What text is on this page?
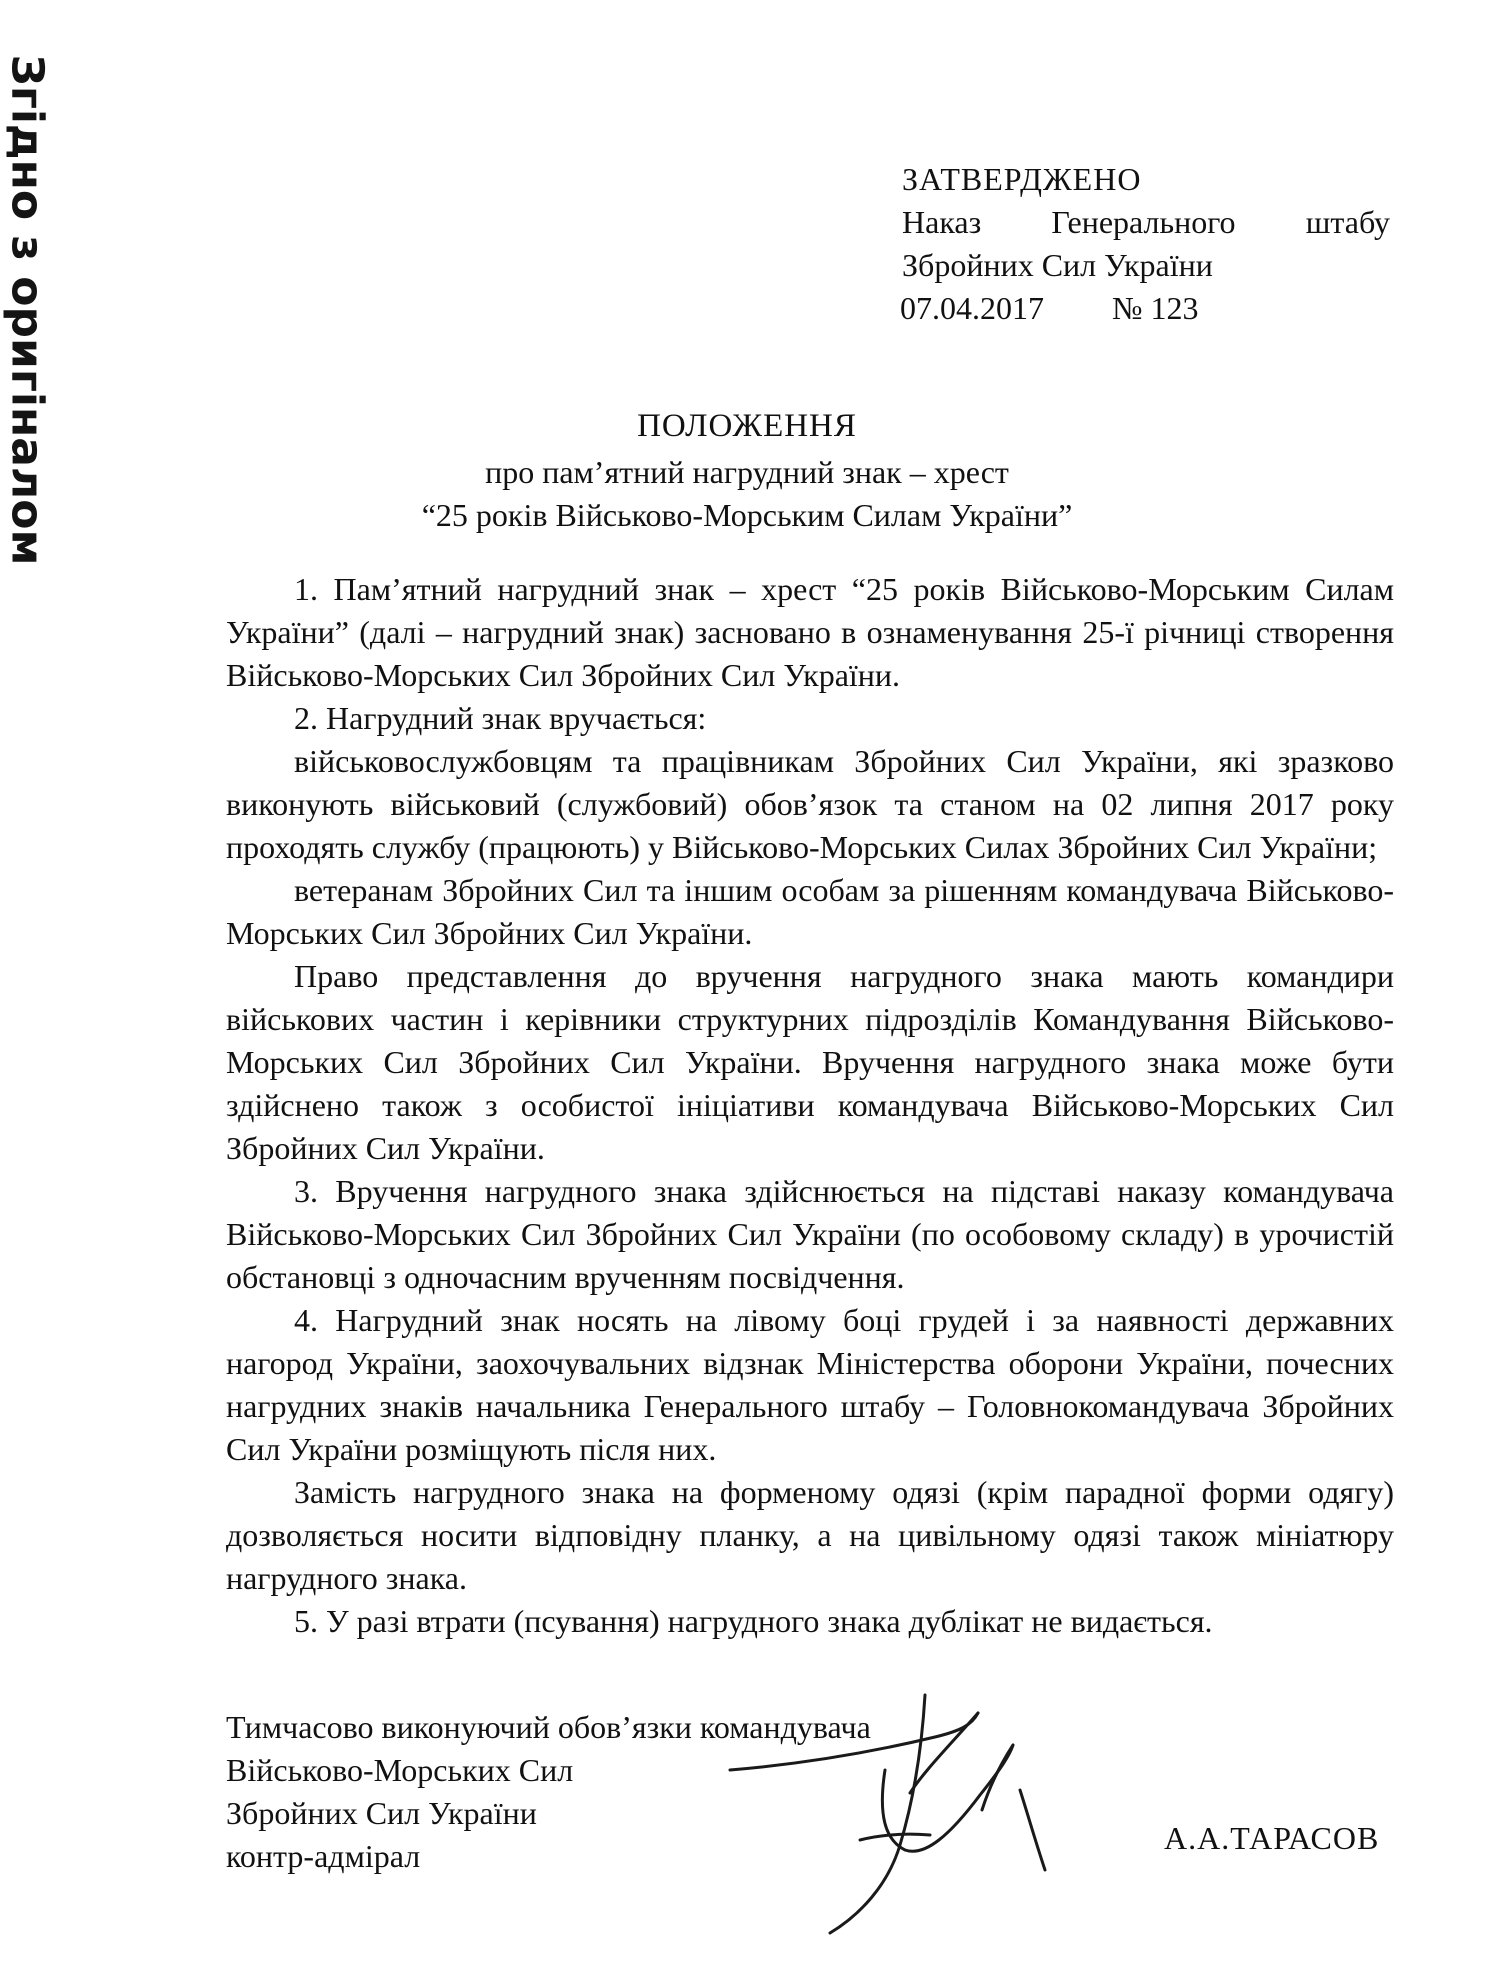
Згідно з оригіналом	ЗАТВЕРДЖЕНО
Наказ Генерального штабу
Збройних Сил України
07.04.2017 № 123
ПОЛОЖЕННЯ
про пам’ятний нагрудний знак – хрест
“25 років Військово-Морським Силам України”

1. Пам’ятний нагрудний знак – хрест “25 років Військово-Морським Силам України” (далі – нагрудний знак) засновано в ознаменування 25-ї річниці створення Військово-Морських Сил Збройних Сил України.

2. Нагрудний знак вручається:

військовослужбовцям та працівникам Збройних Сил України, які зразково виконують військовий (службовий) обов’язок та станом на 02 липня 2017 року проходять службу (працюють) у Військово-Морських Силах Збройних Сил України;

ветеранам Збройних Сил та іншим особам за рішенням командувача Військово-Морських Сил Збройних Сил України.

Право представлення до вручення нагрудного знака мають командири військових частин і керівники структурних підрозділів Командування Військово-Морських Сил Збройних Сил України. Вручення нагрудного знака може бути здійснено також з особистої ініціативи командувача Військово-Морських Сил Збройних Сил України.

3. Вручення нагрудного знака здійснюється на підставі наказу командувача Військово-Морських Сил Збройних Сил України (по особовому складу) в урочистій обстановці з одночасним врученням посвідчення.

4. Нагрудний знак носять на лівому боці грудей і за наявності державних нагород України, заохочувальних відзнак Міністерства оборони України, почесних нагрудних знаків начальника Генерального штабу – Головнокомандувача Збройних Сил України розміщують після них.

Замість нагрудного знака на форменому одязі (крім парадної форми одягу) дозволяється носити відповідну планку, а на цивільному одязі також мініатюру нагрудного знака.

5. У разі втрати (псування) нагрудного знака дублікат не видається.

Тимчасово виконуючий обов’язки командувача
Військово-Морських Сил
Збройних Сил України
контр-адмірал	А.А.ТАРАСОВ
